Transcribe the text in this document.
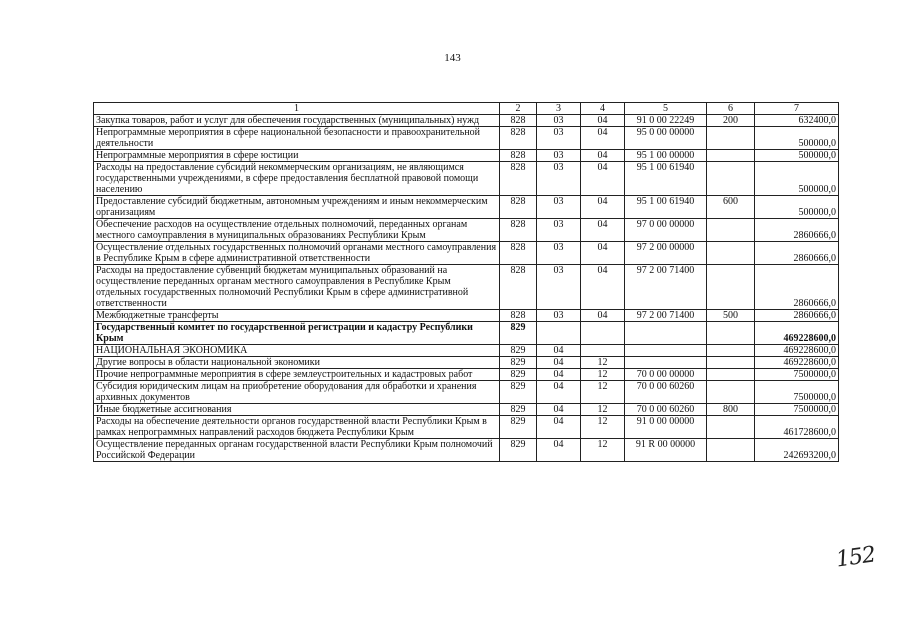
143
1	2	3	4	5	6	7
Закупка товаров, работ и услуг для обеспечения государственных (муниципальных) нужд	828	03	04	91 0 00 22249	200	632400,0
Непрограммные мероприятия в сфере национальной безопасности и правоохранительной деятельности	828	03	04	95 0 00 00000		500000,0
Непрограммные мероприятия в сфере юстиции	828	03	04	95 1 00 00000		500000,0
Расходы на предоставление субсидий некоммерческим организациям, не являющимся государственными учреждениями, в сфере предоставления бесплатной правовой помощи населению	828	03	04	95 1 00 61940		500000,0
Предоставление субсидий бюджетным, автономным учреждениям и иным некоммерческим организациям	828	03	04	95 1 00 61940	600	500000,0
Обеспечение расходов на осуществление отдельных полномочий, переданных органам местного самоуправления в муниципальных образованиях Республики Крым	828	03	04	97 0 00 00000		2860666,0
Осуществление отдельных государственных полномочий органами местного самоуправления в Республике Крым в сфере административной ответственности	828	03	04	97 2 00 00000		2860666,0
Расходы на предоставление субвенций бюджетам муниципальных образований на осуществление переданных органам местного самоуправления в Республике Крым отдельных государственных полномочий Республики Крым в сфере административной ответственности	828	03	04	97 2 00 71400		2860666,0
Межбюджетные трансферты	828	03	04	97 2 00 71400	500	2860666,0
Государственный комитет по государственной регистрации и кадастру Республики Крым	829					469228600,0
НАЦИОНАЛЬНАЯ ЭКОНОМИКА	829	04				469228600,0
Другие вопросы в области национальной экономики	829	04	12			469228600,0
Прочие непрограммные мероприятия в сфере землеустроительных и кадастровых работ	829	04	12	70 0 00 00000		7500000,0
Субсидия юридическим лицам на приобретение оборудования для обработки и хранения архивных документов	829	04	12	70 0 00 60260		7500000,0
Иные бюджетные ассигнования	829	04	12	70 0 00 60260	800	7500000,0
Расходы на обеспечение деятельности органов государственной власти Республики Крым в рамках непрограммных направлений расходов бюджета Республики Крым	829	04	12	91 0 00 00000		461728600,0
Осуществление переданных органам государственной власти Республики Крым полномочий Российской Федерации	829	04	12	91 R 00 00000		242693200,0
152
